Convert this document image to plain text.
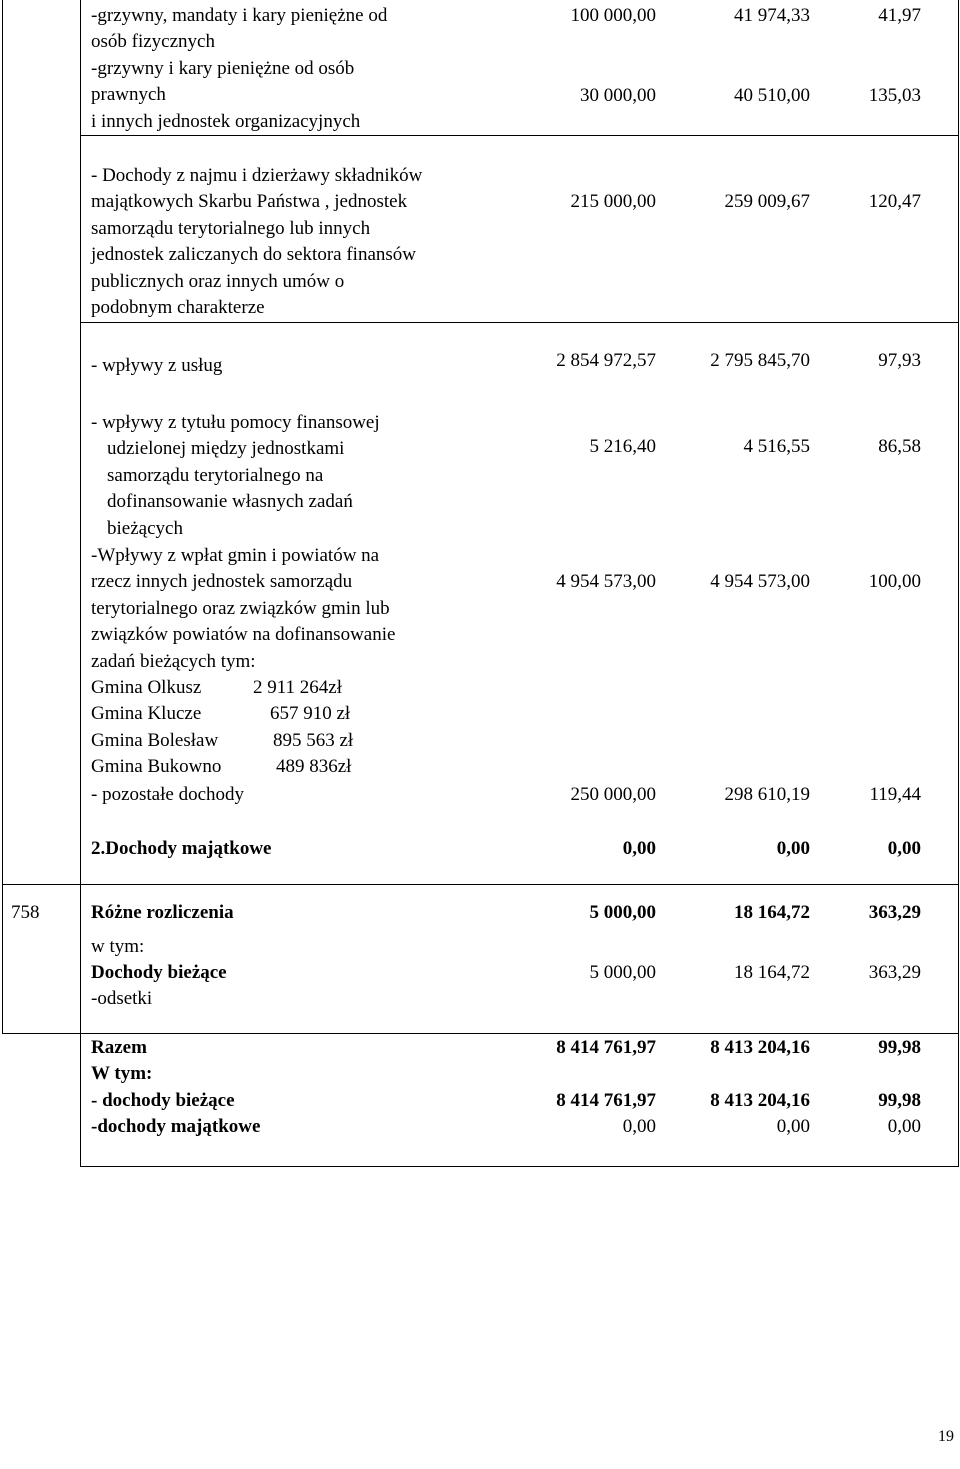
-grzywny, mandaty i kary pieniężne od
osób fizycznych
100 000,00	41 974,33	41,97
-grzywny i kary pieniężne od osób
prawnych
i innych jednostek organizacyjnych
30 000,00	40 510,00	135,03
- Dochody z najmu i dzierżawy składników
majątkowych Skarbu Państwa , jednostek
samorządu terytorialnego lub innych
jednostek zaliczanych do sektora finansów
publicznych oraz innych umów o
podobnym charakterze
215 000,00	259 009,67	120,47
- wpływy z usług	2 854 972,57	2 795 845,70	97,93
- wpływy z tytułu pomocy finansowej
udzielonej między jednostkami
samorządu terytorialnego na
dofinansowanie własnych zadań
bieżących
5 216,40	4 516,55	86,58
-Wpływy z wpłat gmin i powiatów na
rzecz innych jednostek samorządu
terytorialnego oraz związków gmin lub
związków powiatów na dofinansowanie
zadań bieżących tym:
4 954 573,00	4 954 573,00	100,00
Gmina Olkusz	2 911 264zł
Gmina Klucze	657 910 zł
Gmina Bolesław	895 563 zł
Gmina Bukowno	489 836zł
- pozostałe dochody	250 000,00	298 610,19	119,44
2.Dochody majątkowe	0,00	0,00	0,00
758	Różne rozliczenia	5 000,00	18 164,72	363,29
w tym:
Dochody bieżące
-odsetki
5 000,00	18 164,72	363,29
Razem	8 414 761,97	8 413 204,16	99,98
W tym:
- dochody bieżące	8 414 761,97	8 413 204,16	99,98
-dochody majątkowe	0,00	0,00	0,00
19
